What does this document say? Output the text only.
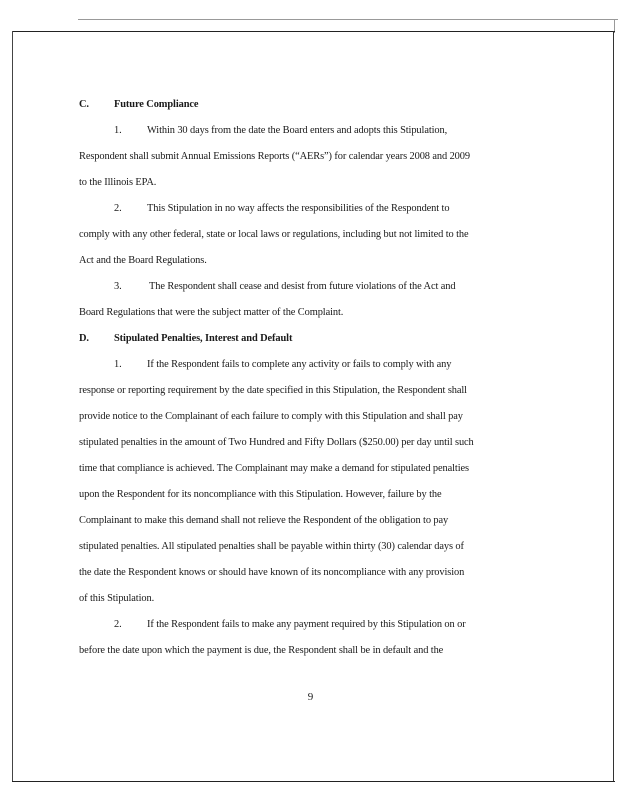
C. Future Compliance
1. Within 30 days from the date the Board enters and adopts this Stipulation,
Respondent shall submit Annual Emissions Reports (“AERs”) for calendar years 2008 and 2009
to the Illinois EPA.
2. This Stipulation in no way affects the responsibilities of the Respondent to
comply with any other federal, state or local laws or regulations, including but not limited to the
Act and the Board Regulations.
3.	The Respondent shall cease and desist from future violations of the Act and
Board Regulations that were the subject matter of the Complaint.
D. Stipulated Penalties, Interest and Default
1. If the Respondent fails to complete any activity or fails to comply with any
response or reporting requirement by the date specified in this Stipulation, the Respondent shall
provide notice to the Complainant of each failure to comply with this Stipulation and shall pay
stipulated penalties in the amount of Two Hundred and Fifty Dollars ($250.00) per day until such
time that compliance is achieved. The Complainant may make a demand for stipulated penalties
upon the Respondent for its noncompliance with this Stipulation. However, failure by the
Complainant to make this demand shall not relieve the Respondent of the obligation to pay
stipulated penalties. All stipulated penalties shall be payable within thirty (30) calendar days of
the date the Respondent knows or should have known of its noncompliance with any provision
of this Stipulation.
2. If the Respondent fails to make any payment required by this Stipulation on or
before the date upon which the payment is due, the Respondent shall be in default and the
9
